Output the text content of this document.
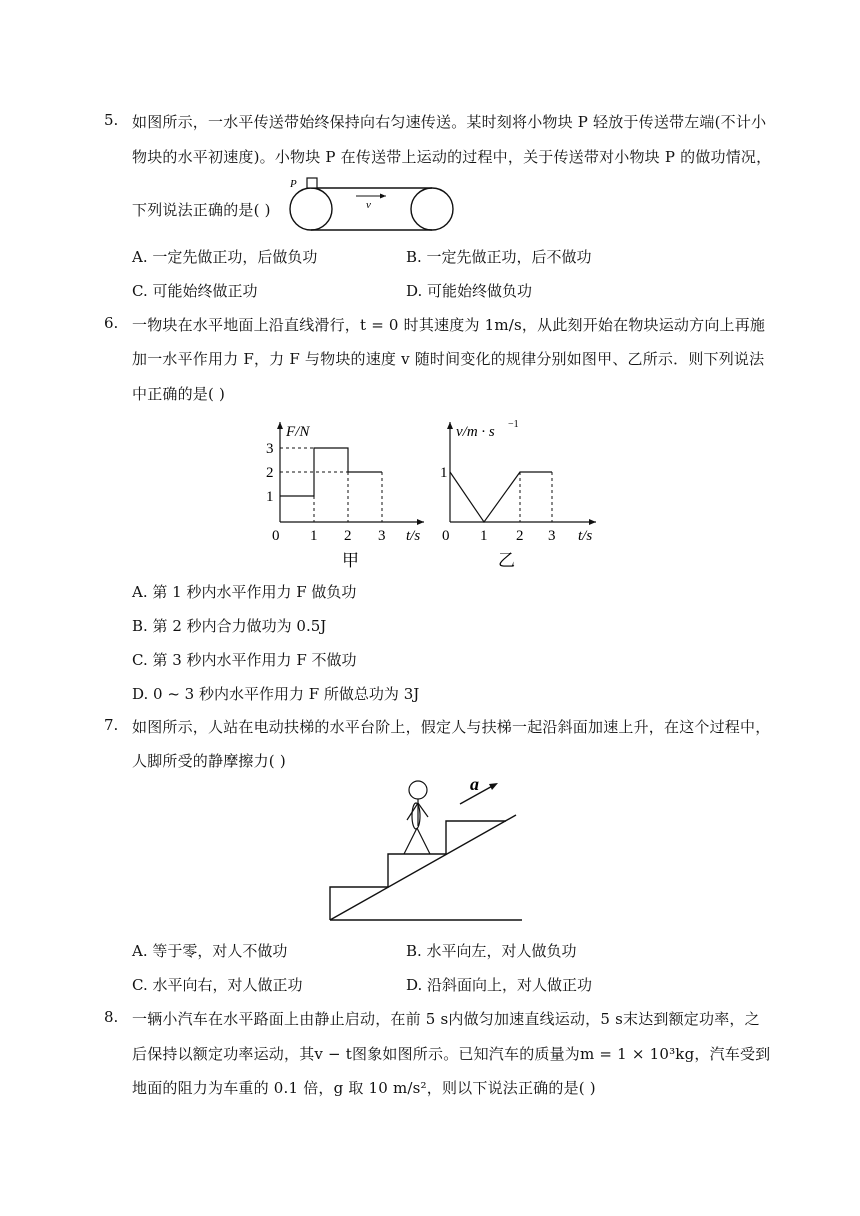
5. 如图所示，一水平传送带始终保持向右匀速传送。某时刻将小物块 P 轻放于传送带左端(不计小
物块的水平初速度)。小物块 P 在传送带上运动的过程中，关于传送带对小物块 P 的做功情况，
下列说法正确的是( )
P
v
A. 一定先做正功，后做负功	B. 一定先做正功，后不做功
C. 可能始终做正功	D. 可能始终做负功
6. 一物块在水平地面上沿直线滑行，t = 0 时其速度为 1m/s，从此刻开始在物块运动方向上再施
加一水平作用力 F，力 F 与物块的速度 v 随时间变化的规律分别如图甲、乙所示．则下列说法
中正确的是( )
F/N
3
2
1
0 1 2 3 t/s
甲
v/m · s −1
1
0 1 2 3 t/s
乙
A. 第 1 秒内水平作用力 F 做负功
B. 第 2 秒内合力做功为 0.5J
C. 第 3 秒内水平作用力 F 不做功
D. 0 ~ 3 秒内水平作用力 F 所做总功为 3J
7. 如图所示，人站在电动扶梯的水平台阶上，假定人与扶梯一起沿斜面加速上升，在这个过程中，
人脚所受的静摩擦力( )
a
A. 等于零，对人不做功	B. 水平向左，对人做负功
C. 水平向右，对人做正功	D. 沿斜面向上，对人做正功
8. 一辆小汽车在水平路面上由静止启动，在前 5 s内做匀加速直线运动，5 s末达到额定功率，之
后保持以额定功率运动，其v − t图象如图所示。已知汽车的质量为m = 1 × 10³kg，汽车受到
地面的阻力为车重的 0.1 倍，g 取 10 m/s²，则以下说法正确的是( )
